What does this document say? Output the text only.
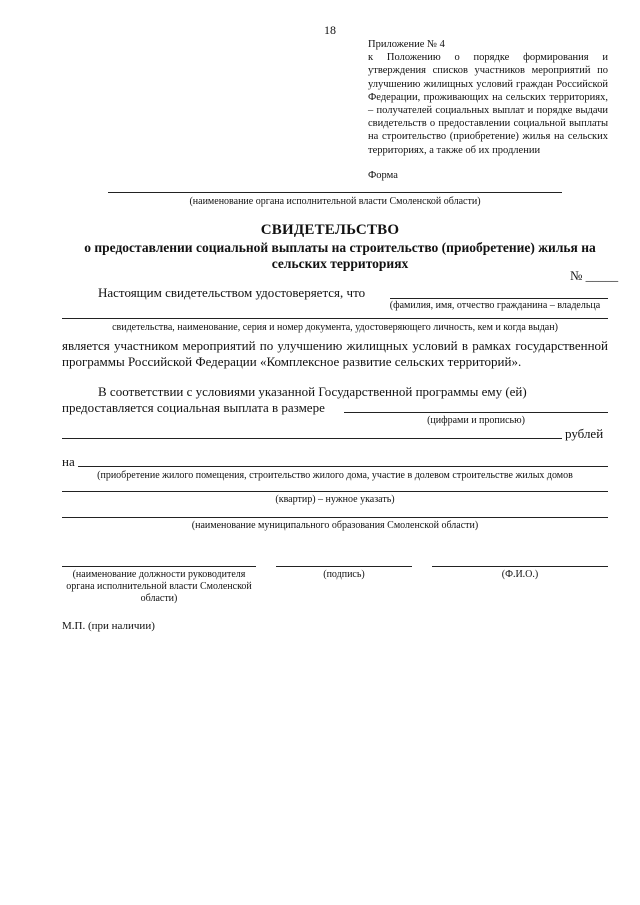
18
Приложение № 4
к Положению о порядке формирования и утверждения списков участников мероприятий по улучшению жилищных условий граждан Российской Федерации, проживающих на сельских территориях, – получателей социальных выплат и порядке выдачи свидетельств о предоставлении социальной выплаты на строительство (приобретение) жилья на сельских территориях, а также об их продлении
Форма
(наименование органа исполнительной власти Смоленской области)
СВИДЕТЕЛЬСТВО
о предоставлении социальной выплаты на строительство (приобретение) жилья на сельских территориях
№ _____
Настоящим свидетельством удостоверяется, что
(фамилия, имя, отчество гражданина – владельца
свидетельства, наименование, серия и номер документа, удостоверяющего личность, кем и когда выдан)
является участником мероприятий по улучшению жилищных условий в рамках государственной программы Российской Федерации «Комплексное развитие сельских территорий».
В соответствии с условиями указанной Государственной программы ему (ей)
предоставляется социальная выплата в размере
(цифрами и прописью)
рублей
на
(приобретение жилого помещения, строительство жилого дома, участие в долевом строительстве жилых домов
(квартир) – нужное указать)
(наименование муниципального образования Смоленской области)
(наименование должности руководителя органа исполнительной власти Смоленской области)
(подпись)	(Ф.И.О.)
М.П. (при наличии)
